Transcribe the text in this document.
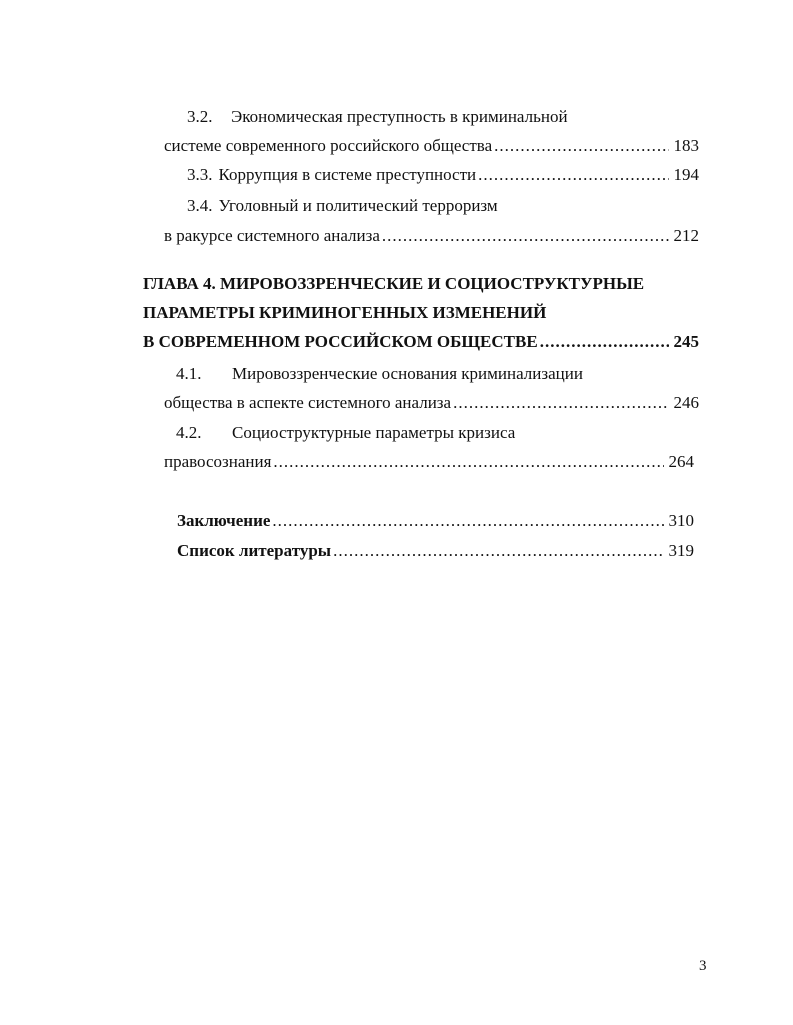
3.2. Экономическая преступность в криминальной
системе современного российского общества .....	183
3.3. Коррупция в системе преступности .....	194
3.4. Уголовный и политический терроризм
в ракурсе системного анализа .....	212
ГЛАВА 4. МИРОВОЗЗРЕНЧЕСКИЕ И СОЦИОСТРУКТУРНЫЕ
ПАРАМЕТРЫ КРИМИНОГЕННЫХ ИЗМЕНЕНИЙ
В СОВРЕМЕННОМ РОССИЙСКОМ ОБЩЕСТВЕ .....	245
4.1. Мировоззренческие основания криминализации
общества в аспекте системного анализа .....	246
4.2. Социоструктурные параметры кризиса
правосознания .....	264
Заключение .....	310
Список литературы .....	319
3
